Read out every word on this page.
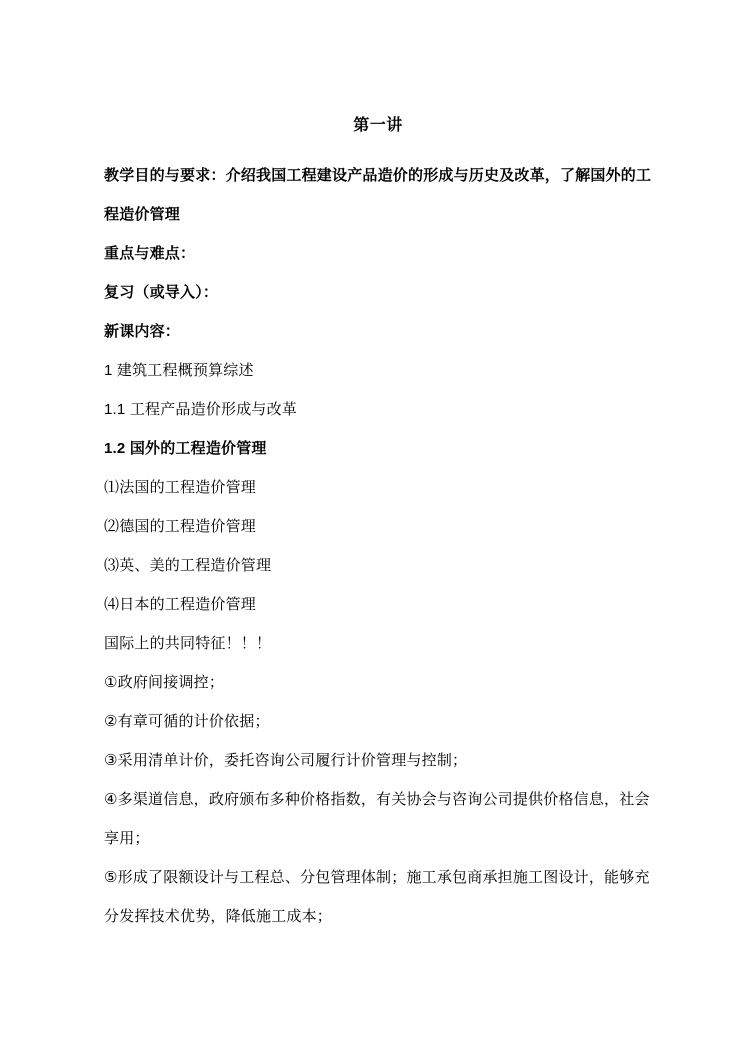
第一讲

教学目的与要求：介绍我国工程建设产品造价的形成与历史及改革，了解国外的工程造价管理

重点与难点：

复习（或导入）：

新课内容：

1 建筑工程概预算综述

1.1 工程产品造价形成与改革

1.2 国外的工程造价管理

⑴法国的工程造价管理

⑵德国的工程造价管理

⑶英、美的工程造价管理

⑷日本的工程造价管理

国际上的共同特征！！！

①政府间接调控；

②有章可循的计价依据；

③采用清单计价，委托咨询公司履行计价管理与控制；

④多渠道信息，政府颁布多种价格指数，有关协会与咨询公司提供价格信息，社会享用；

⑤形成了限额设计与工程总、分包管理体制；施工承包商承担施工图设计，能够充分发挥技术优势，降低施工成本；
